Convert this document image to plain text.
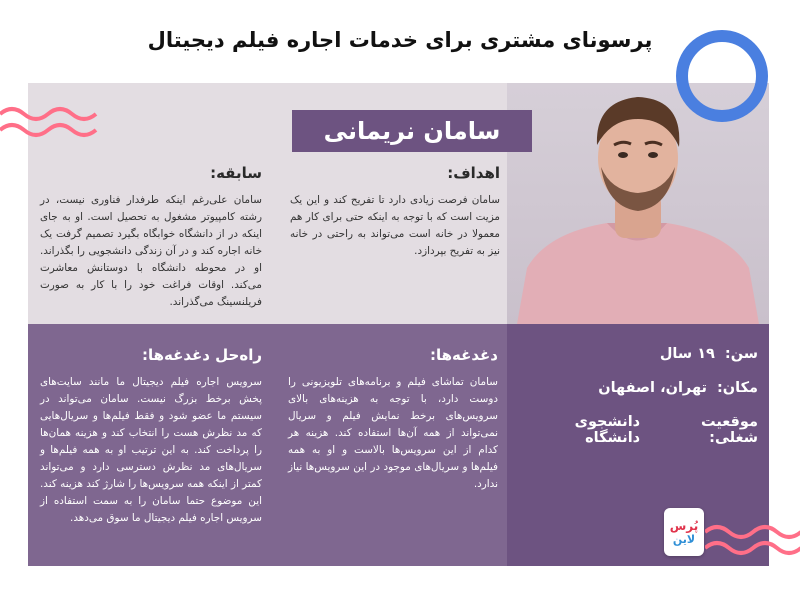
پرسونای مشتری برای خدمات اجاره فیلم دیجیتال
سامان نریمانی
اهداف:
سامان فرصت زیادی دارد تا تفریح کند و این یک مزیت است که با توجه به اینکه حتی برای کار هم معمولا در خانه است می‌تواند به راحتی در خانه نیز به تفریح بپردازد.
سابقه:
سامان علی‌رغم اینکه طرفدار فناوری نیست، در رشته کامپیوتر مشغول به تحصیل است. او به جای اینکه در از دانشگاه خوابگاه بگیرد تصمیم گرفت یک خانه اجاره کند و در آن زندگی دانشجویی را بگذراند. او در محوطه دانشگاه با دوستانش معاشرت می‌کند. اوقات فراغت خود را با کار به صورت فریلنسینگ می‌گذراند.
دغدغه‌ها:
سامان تماشای فیلم و برنامه‌های تلویزیونی را دوست دارد، با توجه به هزینه‌های بالای سرویس‌های برخط نمایش فیلم و سریال نمی‌تواند از همه آن‌ها استفاده کند. هزینه هر کدام از این سرویس‌ها بالاست و او به همه فیلم‌ها و سریال‌های موجود در این سرویس‌ها نیاز ندارد.
راه‌حل دغدغه‌ها:
سرویس اجاره فیلم دیجیتال ما مانند سایت‌های پخش برخط بزرگ نیست. سامان می‌تواند در سیستم ما عضو شود و فقط فیلم‌ها و سریال‌هایی که مد نظرش هست را انتخاب کند و هزینه همان‌ها را پرداخت کند. به این ترتیب او به همه فیلم‌ها و سریال‌های مد نظرش دسترسی دارد و می‌تواند کمتر از اینکه همه سرویس‌ها را شارژ کند هزینه کند. این موضوع حتما سامان را به سمت استفاده از سرویس اجاره فیلم دیجیتال ما سوق می‌دهد.
سن:
۱۹ سال
مکان:
تهران، اصفهان
موقعیت شغلی:
دانشجوی دانشگاه
پُرس
لاین
